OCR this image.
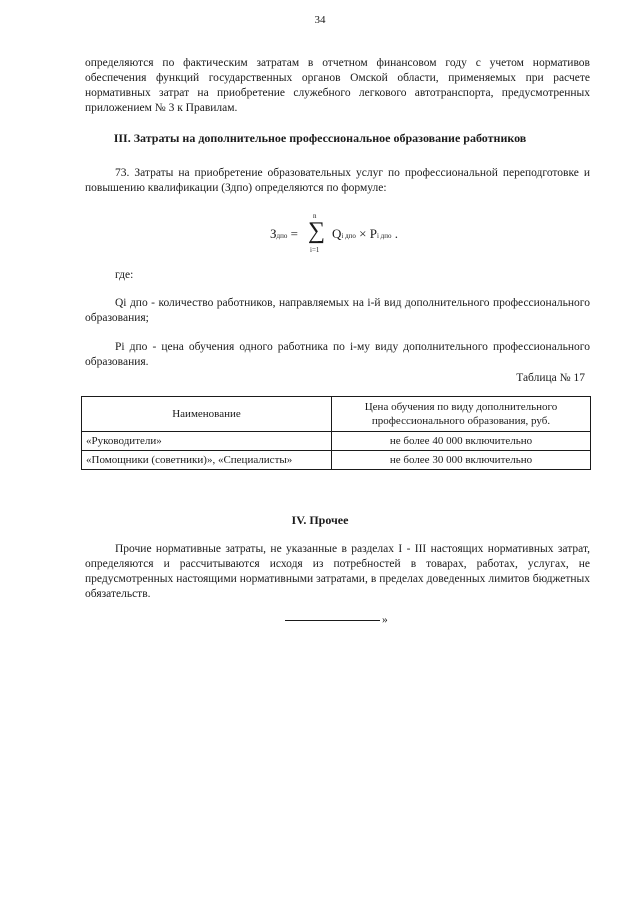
34

определяются по фактическим затратам в отчетном финансовом году с учетом нормативов обеспечения функций государственных органов Омской области, применяемых при расчете нормативных затрат на приобретение служебного легкового автотранспорта, предусмотренных приложением № 3 к Правилам.

III. Затраты на дополнительное профессиональное образование работников

73. Затраты на приобретение образовательных услуг по профессиональной переподготовке и повышению квалификации (Здпо) определяются по формуле:

Здпо =
n
∑
i=1
Qi дпо × Pi дпо .

где:

Qi дпо - количество работников, направляемых на i-й вид дополнительного профессионального образования;

Pi дпо - цена обучения одного работника по i-му виду дополнительного профессионального образования.

Таблица № 17
Наименование	Цена обучения по виду дополнительного профессионального образования, руб.
«Руководители»	не более 40 000 включительно
«Помощники (советники)», «Специалисты»	не более 30 000 включительно
IV. Прочее

Прочие нормативные затраты, не указанные в разделах I - III настоящих нормативных затрат, определяются и рассчитываются исходя из потребностей в товарах, работах, услугах, не предусмотренных настоящими нормативными затратами, в пределах доведенных лимитов бюджетных обязательств.

»
